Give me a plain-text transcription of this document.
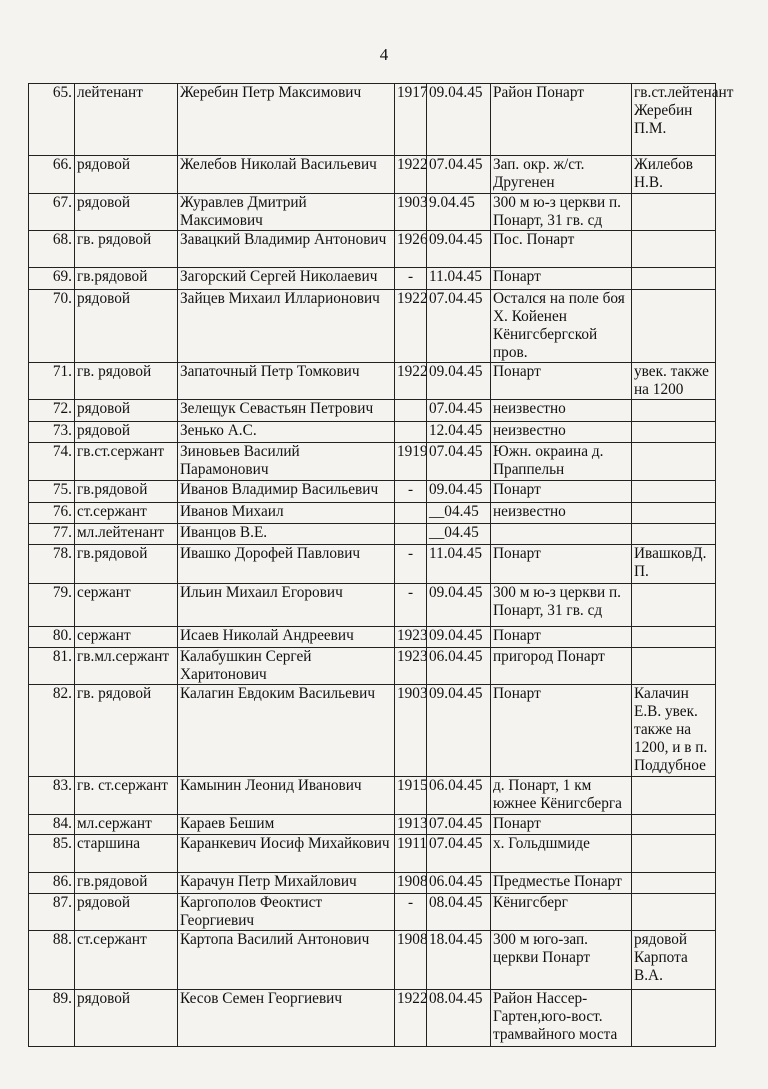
4
65.	лейтенант	Жеребин Петр Максимович	1917	09.04.45	Район Понарт	гв.ст.лейтенант Жеребин П.М.
66.	рядовой	Желебов Николай Васильевич	1922	07.04.45	Зап. окр. ж/ст. Другенен	Жилебов Н.В.
67.	рядовой	Журавлев Дмитрий Максимович	1903	9.04.45	300 м ю-з церкви п. Понарт, 31 гв. сд	
68.	гв. рядовой	Завацкий Владимир Антонович	1926	09.04.45	Пос. Понарт	
69.	гв.рядовой	Загорский Сергей Николаевич	-	11.04.45	Понарт	
70.	рядовой	Зайцев Михаил Илларионович	1922	07.04.45	Остался на поле боя Х. Койенен Кёнигсбергской пров.	
71.	гв. рядовой	Запаточный Петр Томкович	1922	09.04.45	Понарт	увек. также на 1200
72.	рядовой	Зелещук Севастьян Петрович		07.04.45	неизвестно	
73.	рядовой	Зенько А.С.		12.04.45	неизвестно	
74.	гв.ст.сержант	Зиновьев Василий Парамонович	1919	07.04.45	Южн. окраина д. Праппельн	
75.	гв.рядовой	Иванов Владимир Васильевич	-	09.04.45	Понарт	
76.	ст.сержант	Иванов Михаил		__04.45	неизвестно	
77.	мл.лейтенант	Иванцов В.Е.		__04.45		
78.	гв.рядовой	Ивашко Дорофей Павлович	-	11.04.45	Понарт	ИвашковД. П.
79.	сержант	Ильин Михаил Егорович	-	09.04.45	300 м ю-з церкви п. Понарт, 31 гв. сд	
80.	сержант	Исаев Николай Андреевич	1923	09.04.45	Понарт	
81.	гв.мл.сержант	Калабушкин Сергей Харитонович	1923	06.04.45	пригород Понарт	
82.	гв. рядовой	Калагин Евдоким Васильевич	1903	09.04.45	Понарт	Калачин Е.В. увек. также на 1200, и в п. Поддубное
83.	гв. ст.сержант	Камынин Леонид Иванович	1915	06.04.45	д. Понарт, 1 км южнее Кёнигсберга	
84.	мл.сержант	Караев Бешим	1913	07.04.45	Понарт	
85.	старшина	Каранкевич Иосиф Михайкович	1911	07.04.45	х. Гольдшмиде	
86.	гв.рядовой	Карачун Петр Михайлович	1908	06.04.45	Предместье Понарт	
87.	рядовой	Каргополов Феоктист Георгиевич	-	08.04.45	Кёнигсберг	
88.	ст.сержант	Картопа Василий Антонович	1908	18.04.45	300 м юго-зап. церкви Понарт	рядовой Карпота В.А.
89.	рядовой	Кесов Семен Георгиевич	1922	08.04.45	Район Нассер-Гартен,юго-вост. трамвайного моста	
